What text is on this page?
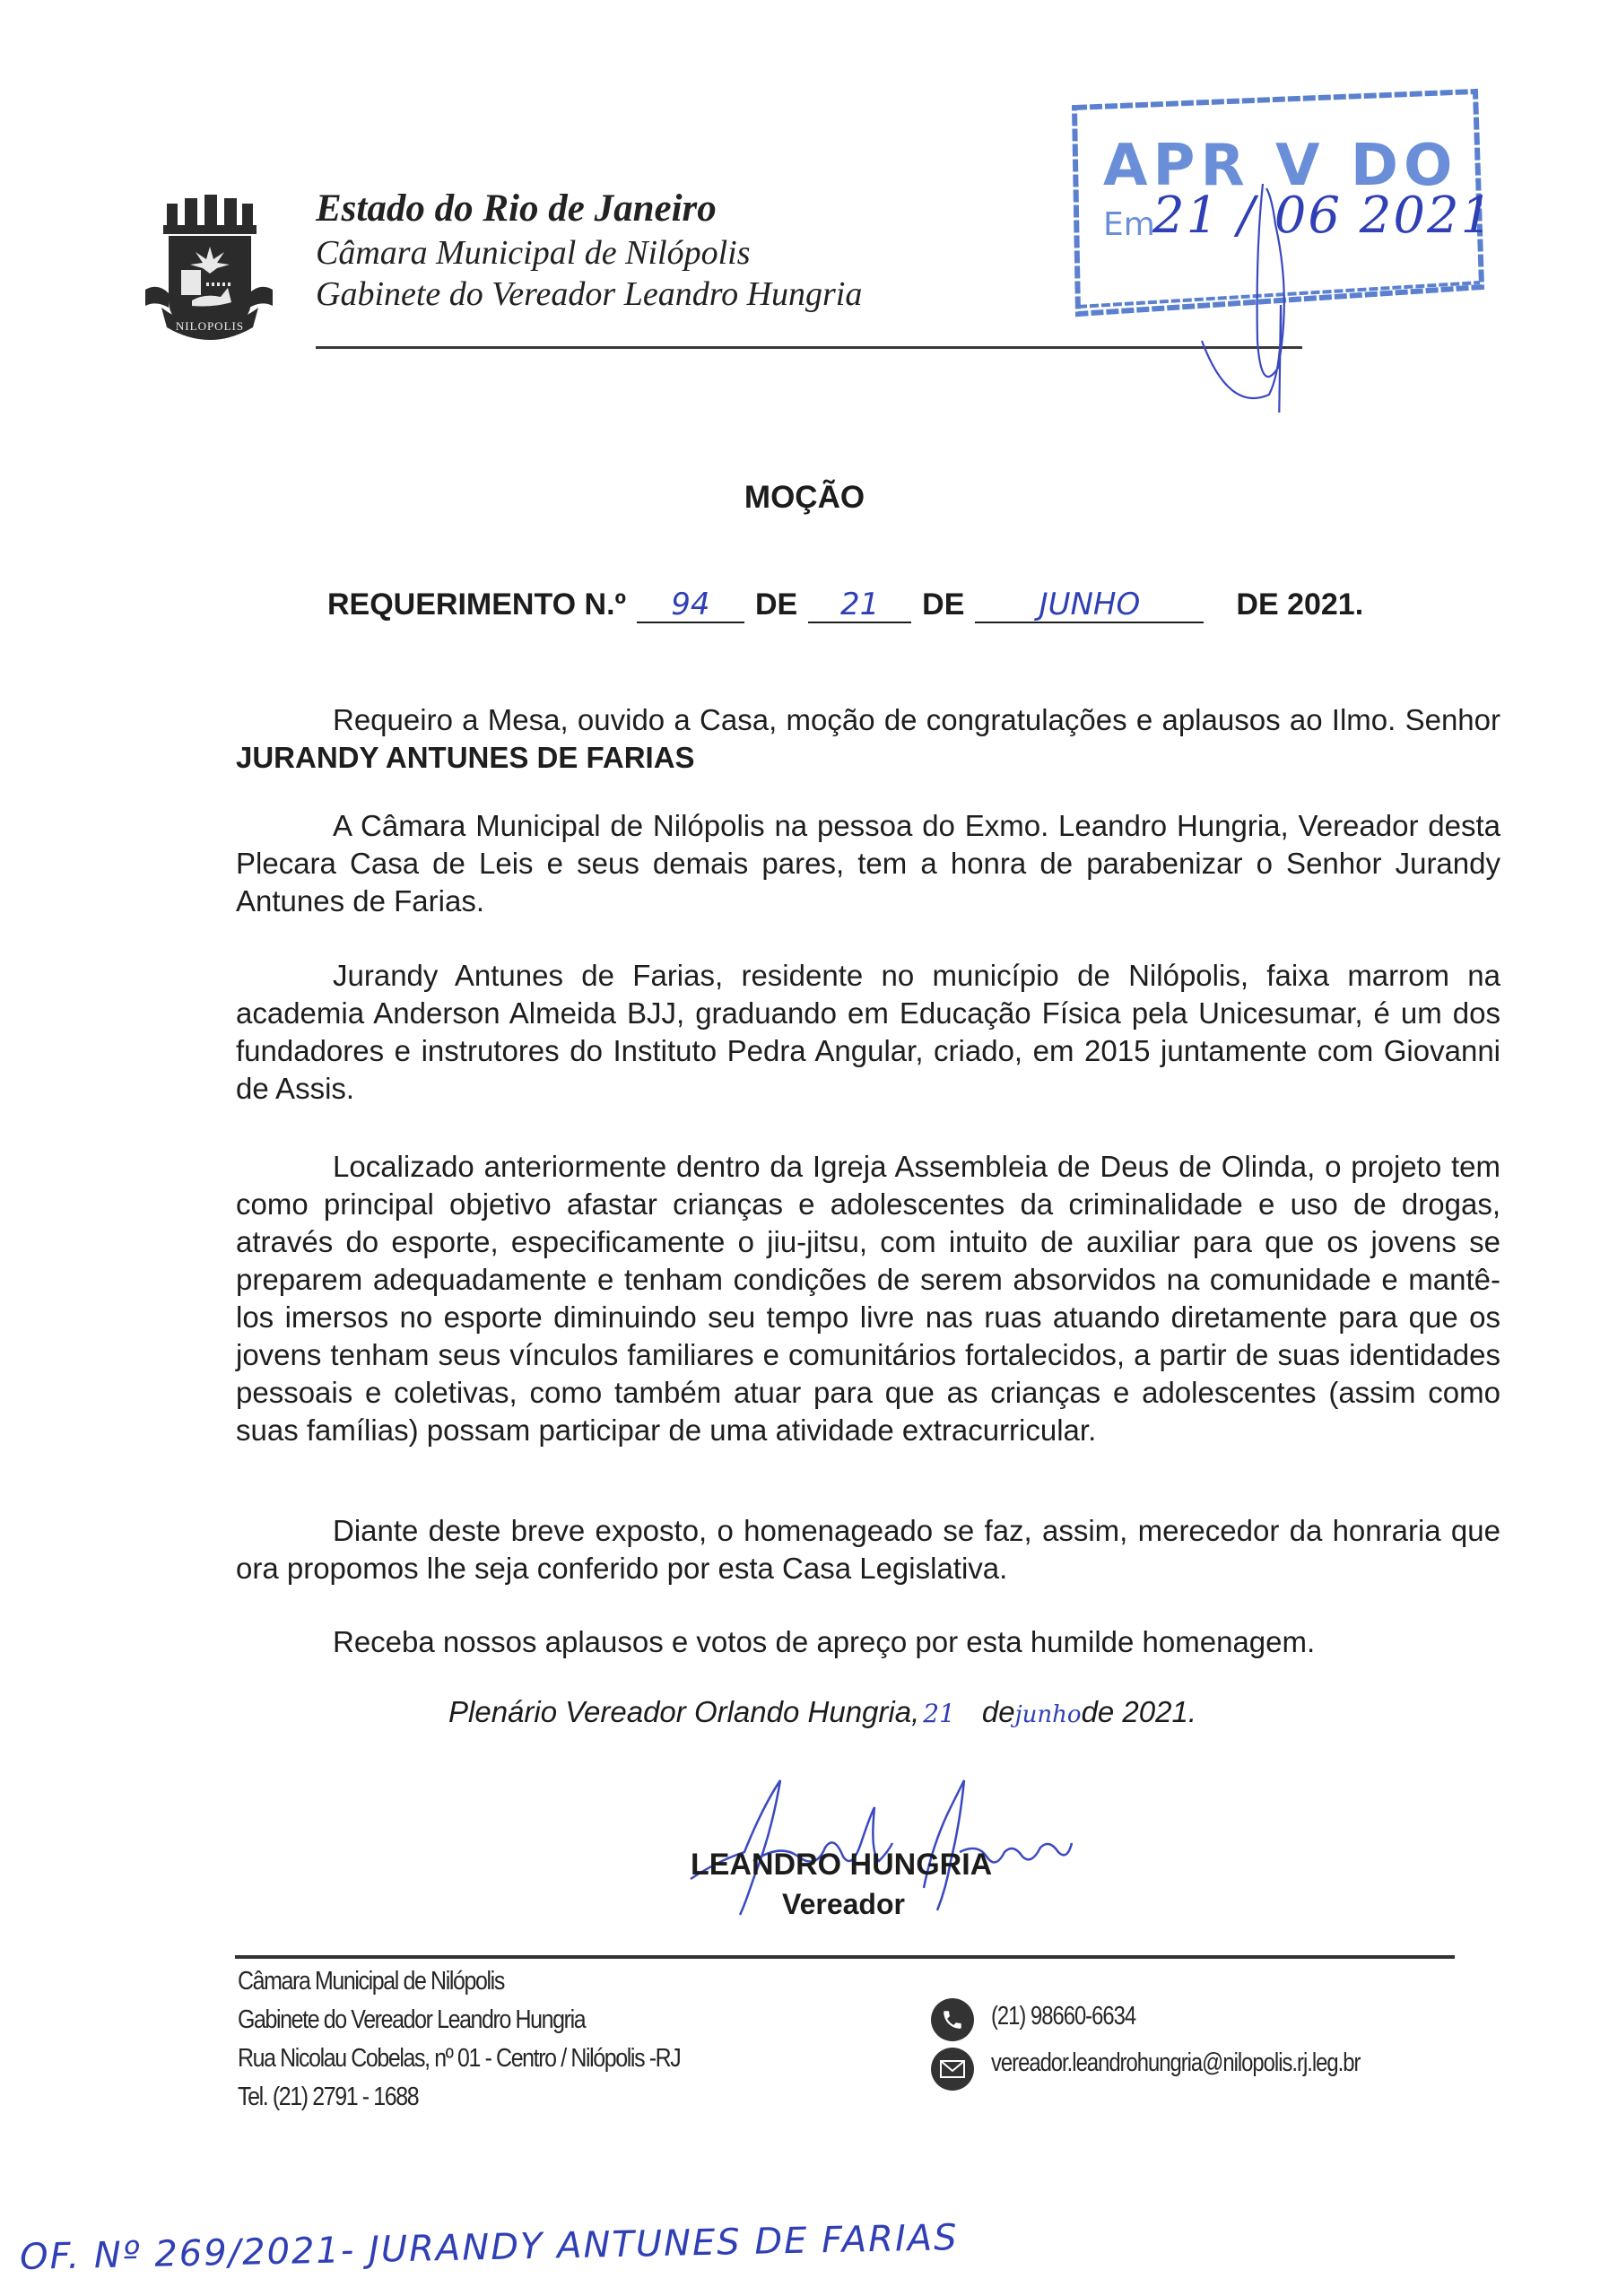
NILOPOLIS
Estado do Rio de Janeiro
Câmara Municipal de Nilópolis
Gabinete do Vereador Leandro Hungria
APR V DO
Em
21 / 06 2021
MOÇÃO
REQUERIMENTO N.º 94 DE 21 DE JUNHO	DE 2021.
Requeiro a Mesa, ouvido a Casa, moção de congratulações e aplausos ao Ilmo. Senhor JURANDY ANTUNES DE FARIAS
A Câmara Municipal de Nilópolis na pessoa do Exmo. Leandro Hungria, Vereador desta Plecara Casa de Leis e seus demais pares, tem a honra de parabenizar o Senhor Jurandy Antunes de Farias.
Jurandy Antunes de Farias, residente no município de Nilópolis, faixa marrom na academia Anderson Almeida BJJ, graduando em Educação Física pela Unicesumar, é um dos fundadores e instrutores do Instituto Pedra Angular, criado, em 2015 juntamente com Giovanni de Assis.
Localizado anteriormente dentro da Igreja Assembleia de Deus de Olinda, o projeto tem como principal objetivo afastar crianças e adolescentes da criminalidade e uso de drogas, através do esporte, especificamente o jiu-jitsu, com intuito de auxiliar para que os jovens se preparem adequadamente e tenham condições de serem absorvidos na comunidade e mantê-los imersos no esporte diminuindo seu tempo livre nas ruas atuando diretamente para que os jovens tenham seus vínculos familiares e comunitários fortalecidos, a partir de suas identidades pessoais e coletivas, como também atuar para que as crianças e adolescentes (assim como suas famílias) possam participar de uma atividade extracurricular.
Diante deste breve exposto, o homenageado se faz, assim, merecedor da honraria que ora propomos lhe seja conferido por esta Casa Legislativa.
Receba nossos aplausos e votos de apreço por esta humilde homenagem.
Plenário Vereador Orlando Hungria, 21 dejunhode 2021.
LEANDRO HUNGRIA
Vereador
Câmara Municipal de Nilópolis
Gabinete do Vereador Leandro Hungria
Rua Nicolau Cobelas, nº 01 - Centro / Nilópolis -RJ
Tel. (21) 2791 - 1688
(21) 98660-6634
vereador.leandrohungria@nilopolis.rj.leg.br
OF. Nº 269/2021- JURANDY ANTUNES DE FARIAS
